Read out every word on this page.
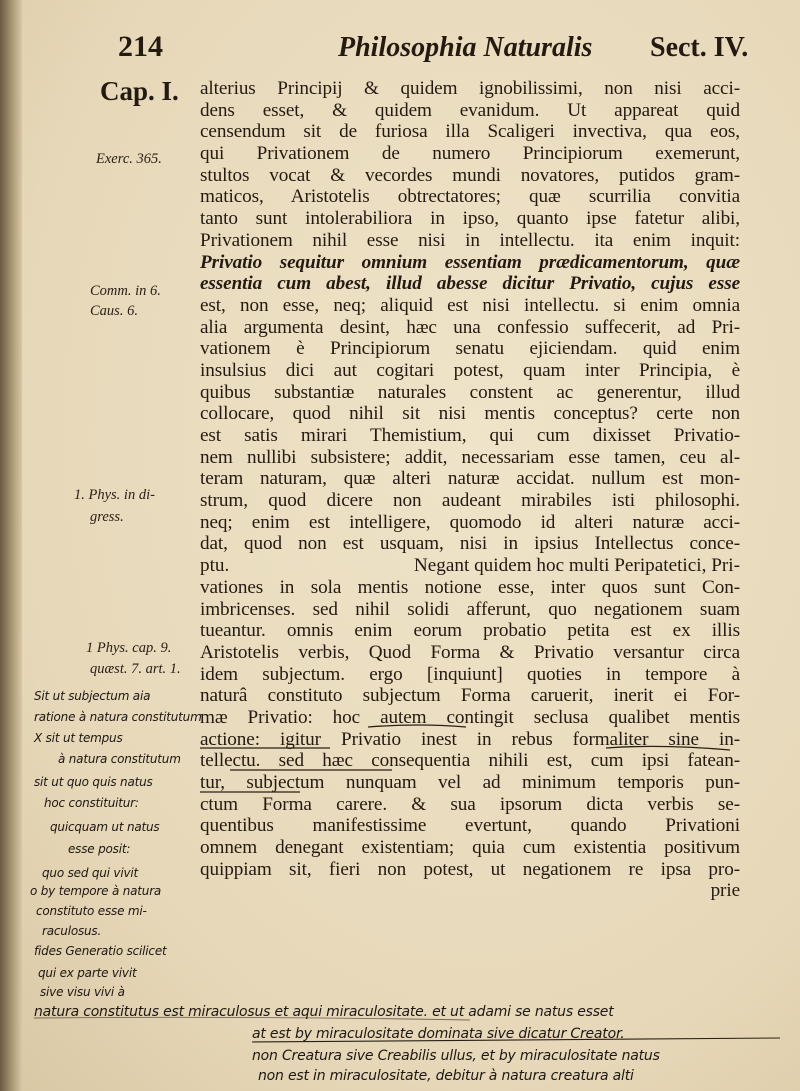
214	Philosophia Naturalis Sect. IV.
Cap. I.
Exerc. 365.
Comm. in 6.
Caus. 6.
1. Phys. in di-
gress.
1 Phys. cap. 9.
quæst. 7. art. 1.
alterius Principij & quidem ignobilissimi, non nisi acci-
dens esset, & quidem evanidum. Ut appareat quid
censendum sit de furiosa illa Scaligeri invectiva, qua eos,
qui Privationem de numero Principiorum exemerunt,
stultos vocat & vecordes mundi novatores, putidos gram-
maticos, Aristotelis obtrectatores; quæ scurrilia convitia
tanto sunt intolerabiliora in ipso, quanto ipse fatetur alibi,
Privationem nihil esse nisi in intellectu. ita enim inquit:
Privatio sequitur omnium essentiam prædicamentorum, quæ
essentia cum abest, illud abesse dicitur Privatio, cujus esse
est, non esse, neq; aliquid est nisi intellectu. si enim omnia
alia argumenta desint, hæc una confessio suffecerit, ad Pri-
vationem è Principiorum senatu ejiciendam. quid enim
insulsius dici aut cogitari potest, quam inter Principia, è
quibus substantiæ naturales constent ac generentur, illud
collocare, quod nihil sit nisi mentis conceptus? certe non
est satis mirari Themistium, qui cum dixisset Privatio-
nem nullibi subsistere; addit, necessariam esse tamen, ceu al-
teram naturam, quæ alteri naturæ accidat. nullum est mon-
strum, quod dicere non audeant mirabiles isti philosophi.
neq; enim est intelligere, quomodo id alteri naturæ acci-
dat, quod non est usquam, nisi in ipsius Intellectus conce-
ptu.	Negant quidem hoc multi Peripatetici, Pri-
vationes in sola mentis notione esse, inter quos sunt Con-
imbricenses. sed nihil solidi afferunt, quo negationem suam
tueantur. omnis enim eorum probatio petita est ex illis
Aristotelis verbis, Quod Forma & Privatio versantur circa
idem subjectum. ergo [inquiunt] quoties in tempore à
naturâ constituto subjectum Forma caruerit, inerit ei For-
mæ Privatio: hoc autem contingit seclusa qualibet mentis
actione: igitur Privatio inest in rebus formaliter sine in-
tellectu. sed hæc consequentia nihili est, cum ipsi fatean-
tur, subjectum nunquam vel ad minimum temporis pun-
ctum Forma carere. & sua ipsorum dicta verbis se-
quentibus manifestissime evertunt, quando Privationi
omnem denegant existentiam; quia cum existentia positivum
quippiam sit, fieri non potest, ut negationem re ipsa pro-
prie
Sit ut subjectum aia
ratione à natura constitutum
X sit ut tempus
à natura constitutum
sit ut quo quis natus
hoc constituitur:
quicquam ut natus
esse posit:
quo sed qui vivit
o by tempore à natura
constituto esse mi-
raculosus.
fides Generatio scilicet
qui ex parte vivit
sive visu vivi à
natura constitutus est miraculosus et aqui miraculositate. et ut adami se natus esset
at est by miraculositate dominata sive dicatur Creator.
non Creatura sive Creabilis ullus, et by miraculositate natus
non est in miraculositate, debitur à natura creatura alti
